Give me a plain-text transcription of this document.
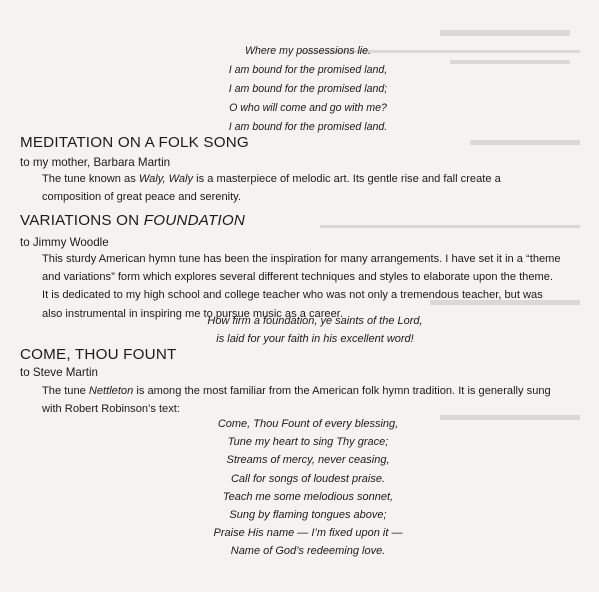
Where my possessions lie.
I am bound for the promised land,
I am bound for the promised land;
O who will come and go with me?
I am bound for the promised land.
MEDITATION ON A FOLK SONG
to my mother, Barbara Martin
The tune known as Waly, Waly is a masterpiece of melodic art. Its gentle rise and fall create a
composition of great peace and serenity.
VARIATIONS ON FOUNDATION
to Jimmy Woodle
This sturdy American hymn tune has been the inspiration for many arrangements. I have set it in a “theme
and variations” form which explores several different techniques and styles to elaborate upon the theme.
It is dedicated to my high school and college teacher who was not only a tremendous teacher, but was
also instrumental in inspiring me to pursue music as a career.
How firm a foundation, ye saints of the Lord,
is laid for your faith in his excellent word!
COME, THOU FOUNT
to Steve Martin
The tune Nettleton is among the most familiar from the American folk hymn tradition. It is generally sung
with Robert Robinson’s text:
Come, Thou Fount of every blessing,
Tune my heart to sing Thy grace;
Streams of mercy, never ceasing,
Call for songs of loudest praise.
Teach me some melodious sonnet,
Sung by flaming tongues above;
Praise His name — I’m fixed upon it —
Name of God’s redeeming love.
